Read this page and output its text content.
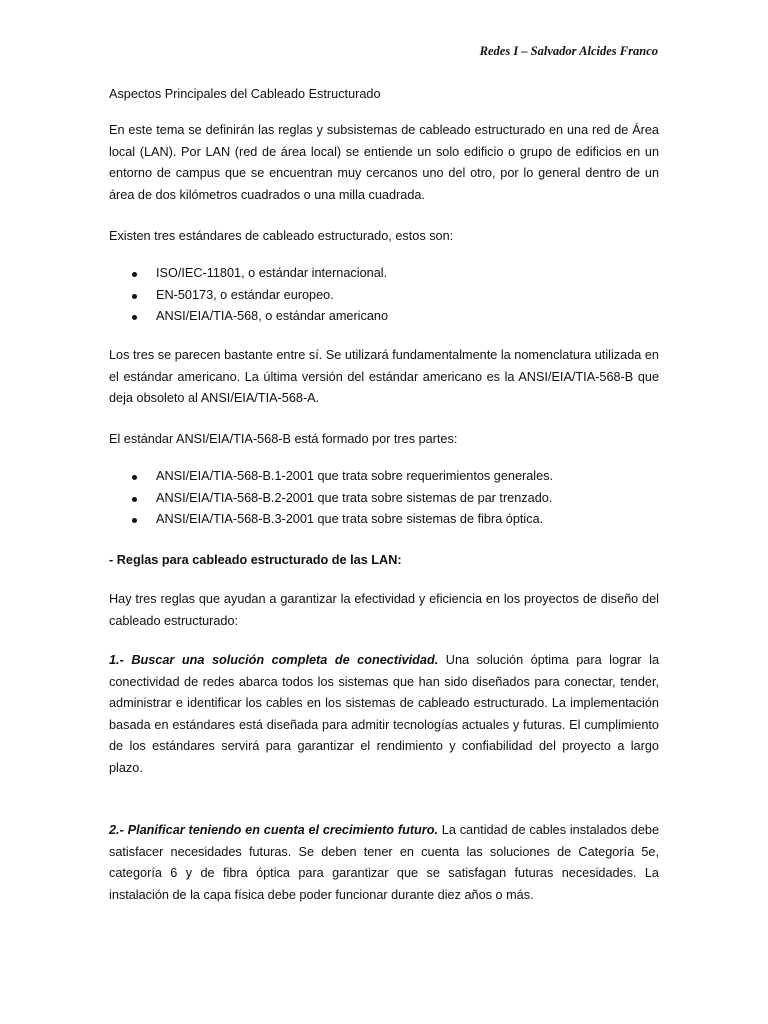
Redes I – Salvador Alcides Franco

Aspectos Principales del Cableado Estructurado

En este tema se definirán las reglas y subsistemas de cableado estructurado en una red de Área local (LAN). Por LAN (red de área local) se entiende un solo edificio o grupo de edificios en un entorno de campus que se encuentran muy cercanos uno del otro, por lo general dentro de un área de dos kilómetros cuadrados o una milla cuadrada.

Existen tres estándares de cableado estructurado, estos son:

ISO/IEC-11801, o estándar internacional.
EN-50173, o estándar europeo.
ANSI/EIA/TIA-568, o estándar americano

Los tres se parecen bastante entre sí. Se utilizará fundamentalmente la nomenclatura utilizada en el estándar americano. La última versión del estándar americano es la ANSI/EIA/TIA-568-B que deja obsoleto al ANSI/EIA/TIA-568-A.

El estándar ANSI/EIA/TIA-568-B está formado por tres partes:

ANSI/EIA/TIA-568-B.1-2001 que trata sobre requerimientos generales.
ANSI/EIA/TIA-568-B.2-2001 que trata sobre sistemas de par trenzado.
ANSI/EIA/TIA-568-B.3-2001 que trata sobre sistemas de fibra óptica.

- Reglas para cableado estructurado de las LAN:

Hay tres reglas que ayudan a garantizar la efectividad y eficiencia en los proyectos de diseño del cableado estructurado:

1.- Buscar una solución completa de conectividad. Una solución óptima para lograr la conectividad de redes abarca todos los sistemas que han sido diseñados para conectar, tender, administrar e identificar los cables en los sistemas de cableado estructurado. La implementación basada en estándares está diseñada para admitir tecnologías actuales y futuras. El cumplimiento de los estándares servirá para garantizar el rendimiento y confiabilidad del proyecto a largo plazo.

2.- Planificar teniendo en cuenta el crecimiento futuro. La cantidad de cables instalados debe satisfacer necesidades futuras. Se deben tener en cuenta las soluciones de Categoría 5e, categoría 6 y de fibra óptica para garantizar que se satisfagan futuras necesidades. La instalación de la capa física debe poder funcionar durante diez años o más.
